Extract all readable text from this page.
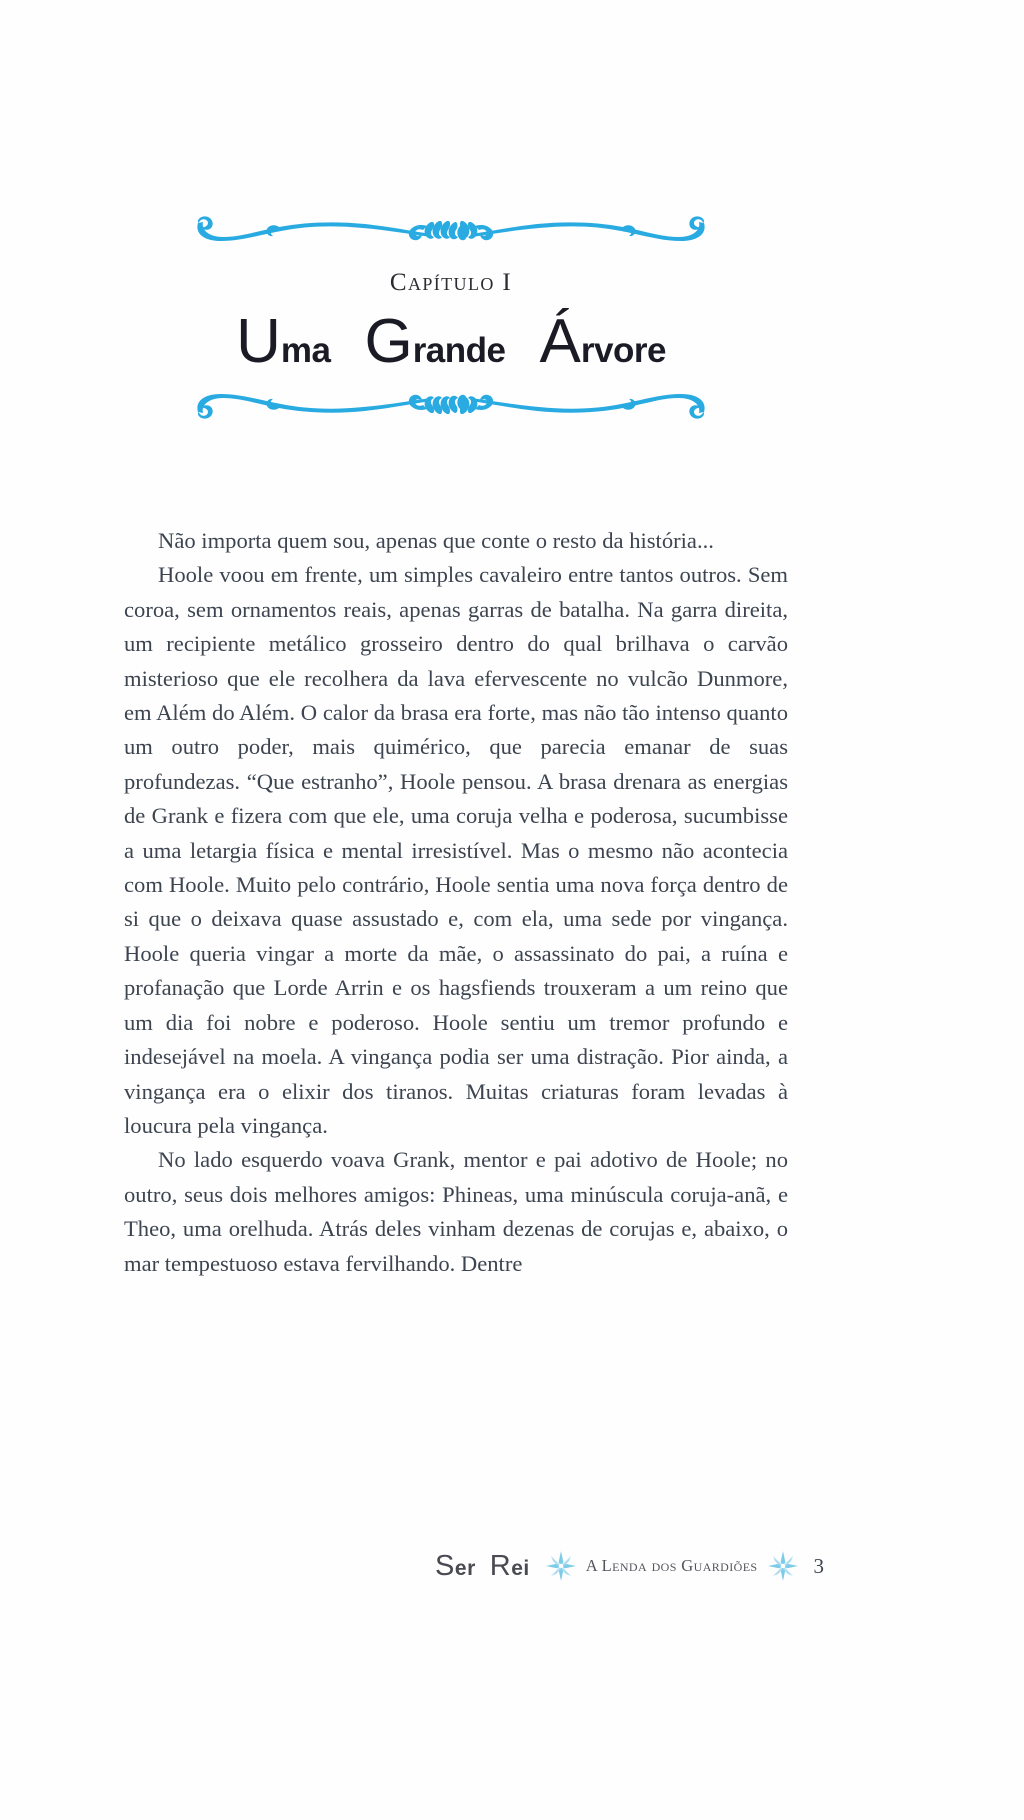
Capítulo I
U ma G rande Á rvore

Não importa quem sou, apenas que conte o resto da história...

Hoole voou em frente, um simples cavaleiro entre tantos outros. Sem coroa, sem ornamentos reais, apenas garras de batalha. Na garra direita, um recipiente metálico grosseiro dentro do qual brilhava o carvão misterioso que ele recolhera da lava efervescente no vulcão Dunmore, em Além do Além. O calor da brasa era forte, mas não tão intenso quanto um outro poder, mais quimérico, que parecia emanar de suas profundezas. “Que estranho”, Hoole pensou. A brasa drenara as energias de Grank e fizera com que ele, uma coruja velha e poderosa, sucumbisse a uma letargia física e mental irresistível. Mas o mesmo não acontecia com Hoole. Muito pelo contrário, Hoole sentia uma nova força dentro de si que o deixava quase assustado e, com ela, uma sede por vingança. Hoole queria vingar a morte da mãe, o assassinato do pai, a ruína e profanação que Lorde Arrin e os hagsfiends trouxeram a um reino que um dia foi nobre e poderoso. Hoole sentiu um tremor profundo e indesejável na moela. A vingança podia ser uma distração. Pior ainda, a vingança era o elixir dos tiranos. Muitas criaturas foram levadas à loucura pela vingança.

No lado esquerdo voava Grank, mentor e pai adotivo de Hoole; no outro, seus dois melhores amigos: Phineas, uma minúscula coruja-anã, e Theo, uma orelhuda. Atrás deles vinham dezenas de corujas e, abaixo, o mar tempestuoso estava fervilhando. Dentre

Ser Rei	A Lenda dos Guardiões	3
